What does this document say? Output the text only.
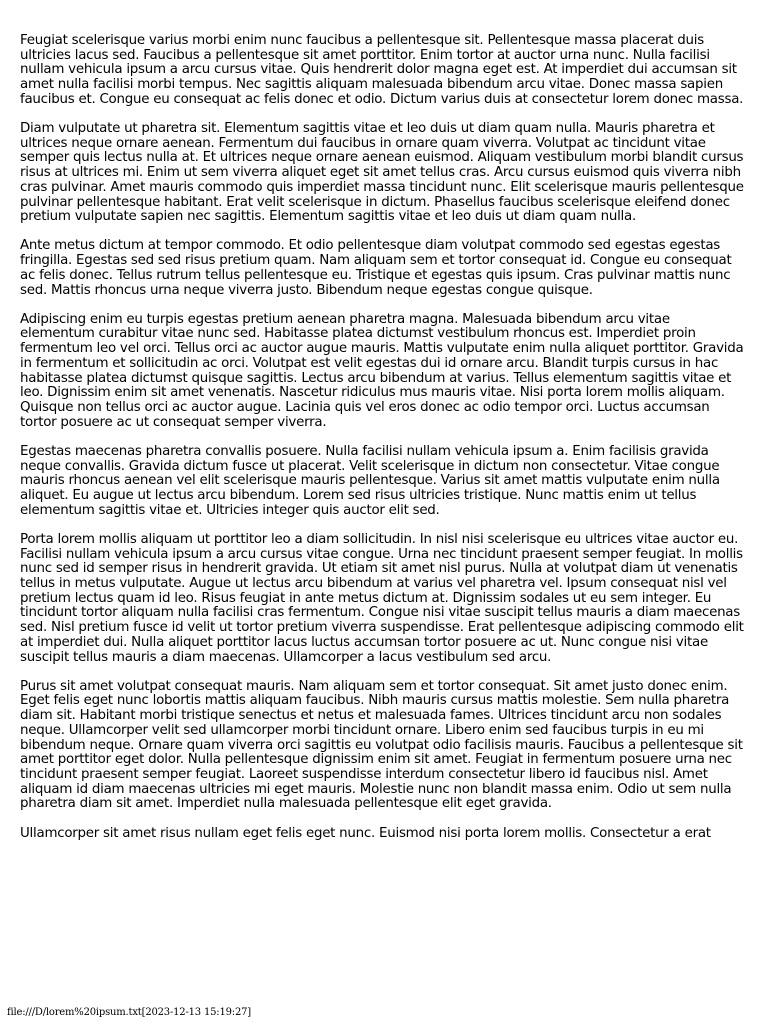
Feugiat scelerisque varius morbi enim nunc faucibus a pellentesque sit. Pellentesque massa placerat duis ultricies lacus sed. Faucibus a pellentesque sit amet porttitor. Enim tortor at auctor urna nunc. Nulla facilisi nullam vehicula ipsum a arcu cursus vitae. Quis hendrerit dolor magna eget est. At imperdiet dui accumsan sit amet nulla facilisi morbi tempus. Nec sagittis aliquam malesuada bibendum arcu vitae. Donec massa sapien faucibus et. Congue eu consequat ac felis donec et odio. Dictum varius duis at consectetur lorem donec massa.

Diam vulputate ut pharetra sit. Elementum sagittis vitae et leo duis ut diam quam nulla. Mauris pharetra et ultrices neque ornare aenean. Fermentum dui faucibus in ornare quam viverra. Volutpat ac tincidunt vitae semper quis lectus nulla at. Et ultrices neque ornare aenean euismod. Aliquam vestibulum morbi blandit cursus risus at ultrices mi. Enim ut sem viverra aliquet eget sit amet tellus cras. Arcu cursus euismod quis viverra nibh cras pulvinar. Amet mauris commodo quis imperdiet massa tincidunt nunc. Elit scelerisque mauris pellentesque pulvinar pellentesque habitant. Erat velit scelerisque in dictum. Phasellus faucibus scelerisque eleifend donec pretium vulputate sapien nec sagittis. Elementum sagittis vitae et leo duis ut diam quam nulla.

Ante metus dictum at tempor commodo. Et odio pellentesque diam volutpat commodo sed egestas egestas fringilla. Egestas sed sed risus pretium quam. Nam aliquam sem et tortor consequat id. Congue eu consequat ac felis donec. Tellus rutrum tellus pellentesque eu. Tristique et egestas quis ipsum. Cras pulvinar mattis nunc sed. Mattis rhoncus urna neque viverra justo. Bibendum neque egestas congue quisque.

Adipiscing enim eu turpis egestas pretium aenean pharetra magna. Malesuada bibendum arcu vitae elementum curabitur vitae nunc sed. Habitasse platea dictumst vestibulum rhoncus est. Imperdiet proin fermentum leo vel orci. Tellus orci ac auctor augue mauris. Mattis vulputate enim nulla aliquet porttitor. Gravida in fermentum et sollicitudin ac orci. Volutpat est velit egestas dui id ornare arcu. Blandit turpis cursus in hac habitasse platea dictumst quisque sagittis. Lectus arcu bibendum at varius. Tellus elementum sagittis vitae et leo. Dignissim enim sit amet venenatis. Nascetur ridiculus mus mauris vitae. Nisi porta lorem mollis aliquam. Quisque non tellus orci ac auctor augue. Lacinia quis vel eros donec ac odio tempor orci. Luctus accumsan tortor posuere ac ut consequat semper viverra.

Egestas maecenas pharetra convallis posuere. Nulla facilisi nullam vehicula ipsum a. Enim facilisis gravida neque convallis. Gravida dictum fusce ut placerat. Velit scelerisque in dictum non consectetur. Vitae congue mauris rhoncus aenean vel elit scelerisque mauris pellentesque. Varius sit amet mattis vulputate enim nulla aliquet. Eu augue ut lectus arcu bibendum. Lorem sed risus ultricies tristique. Nunc mattis enim ut tellus elementum sagittis vitae et. Ultricies integer quis auctor elit sed.

Porta lorem mollis aliquam ut porttitor leo a diam sollicitudin. In nisl nisi scelerisque eu ultrices vitae auctor eu. Facilisi nullam vehicula ipsum a arcu cursus vitae congue. Urna nec tincidunt praesent semper feugiat. In mollis nunc sed id semper risus in hendrerit gravida. Ut etiam sit amet nisl purus. Nulla at volutpat diam ut venenatis tellus in metus vulputate. Augue ut lectus arcu bibendum at varius vel pharetra vel. Ipsum consequat nisl vel pretium lectus quam id leo. Risus feugiat in ante metus dictum at. Dignissim sodales ut eu sem integer. Eu tincidunt tortor aliquam nulla facilisi cras fermentum. Congue nisi vitae suscipit tellus mauris a diam maecenas sed. Nisl pretium fusce id velit ut tortor pretium viverra suspendisse. Erat pellentesque adipiscing commodo elit at imperdiet dui. Nulla aliquet porttitor lacus luctus accumsan tortor posuere ac ut. Nunc congue nisi vitae suscipit tellus mauris a diam maecenas. Ullamcorper a lacus vestibulum sed arcu.

Purus sit amet volutpat consequat mauris. Nam aliquam sem et tortor consequat. Sit amet justo donec enim. Eget felis eget nunc lobortis mattis aliquam faucibus. Nibh mauris cursus mattis molestie. Sem nulla pharetra diam sit. Habitant morbi tristique senectus et netus et malesuada fames. Ultrices tincidunt arcu non sodales neque. Ullamcorper velit sed ullamcorper morbi tincidunt ornare. Libero enim sed faucibus turpis in eu mi bibendum neque. Ornare quam viverra orci sagittis eu volutpat odio facilisis mauris. Faucibus a pellentesque sit amet porttitor eget dolor. Nulla pellentesque dignissim enim sit amet. Feugiat in fermentum posuere urna nec tincidunt praesent semper feugiat. Laoreet suspendisse interdum consectetur libero id faucibus nisl. Amet aliquam id diam maecenas ultricies mi eget mauris. Molestie nunc non blandit massa enim. Odio ut sem nulla pharetra diam sit amet. Imperdiet nulla malesuada pellentesque elit eget gravida.

Ullamcorper sit amet risus nullam eget felis eget nunc. Euismod nisi porta lorem mollis. Consectetur a erat

file:///D/lorem%20ipsum.txt[2023-12-13 15:19:27]
